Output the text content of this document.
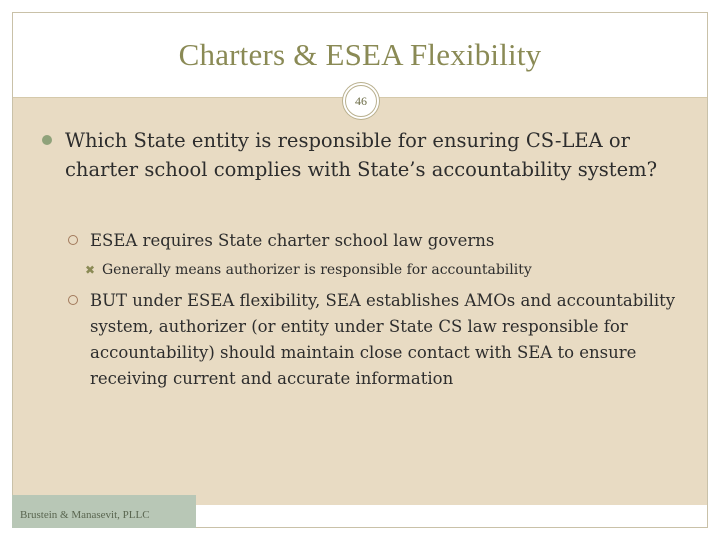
Charters & ESEA Flexibility
46
Brustein & Manasevit, PLLC
Which State entity is responsible for ensuring CS-LEA or charter school complies with State’s accountability system?
ESEA requires State charter school law governs
✖ Generally means authorizer is responsible for accountability
BUT under ESEA flexibility, SEA establishes AMOs and accountability system, authorizer (or entity under State CS law responsible for accountability) should maintain close contact with SEA to ensure receiving current and accurate information
